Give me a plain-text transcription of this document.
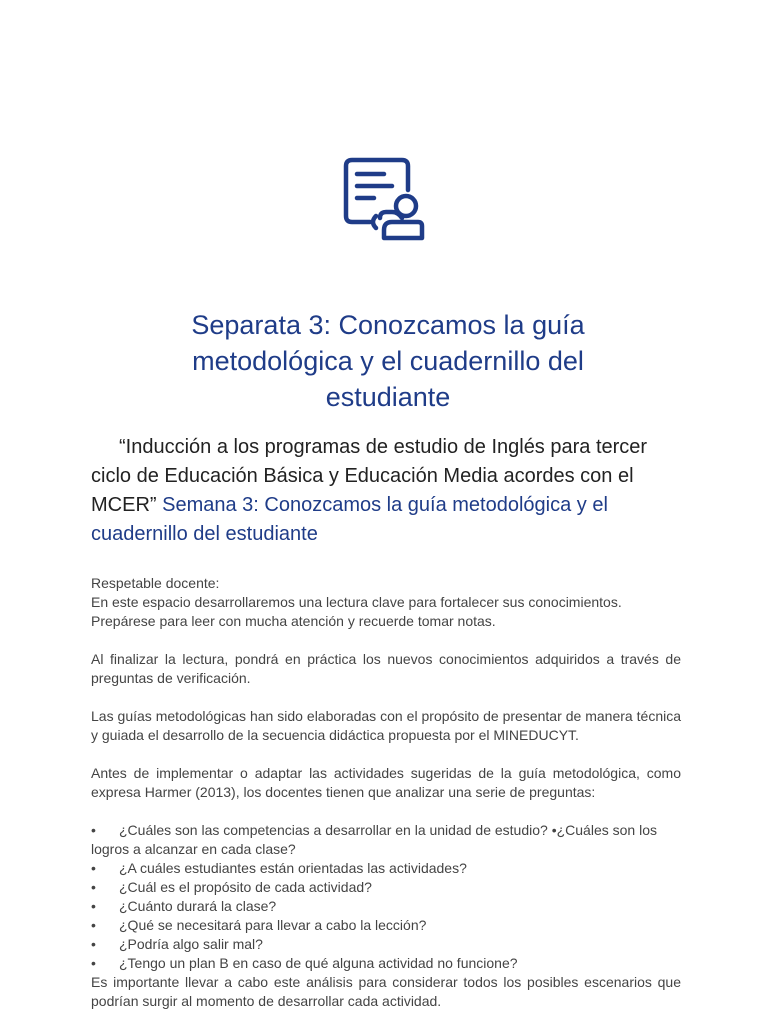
Separata 3: Conozcamos la guía
metodológica y el cuadernillo del
estudiante

“Inducción a los programas de estudio de Inglés para tercer ciclo de Educación Básica y Educación Media acordes con el MCER” Semana 3: Conozcamos la guía metodológica y el cuadernillo del estudiante

Respetable docente:
En este espacio desarrollaremos una lectura clave para fortalecer sus conocimientos.
Prepárese para leer con mucha atención y recuerde tomar notas.

Al finalizar la lectura, pondrá en práctica los nuevos conocimientos adquiridos a través de preguntas de verificación.

Las guías metodológicas han sido elaboradas con el propósito de presentar de manera técnica y guiada el desarrollo de la secuencia didáctica propuesta por el MINEDUCYT.

Antes de implementar o adaptar las actividades sugeridas de la guía metodológica, como expresa Harmer (2013), los docentes tienen que analizar una serie de preguntas:

• ¿Cuáles son las competencias a desarrollar en la unidad de estudio? •¿Cuáles son los logros a alcanzar en cada clase?
• ¿A cuáles estudiantes están orientadas las actividades?
• ¿Cuál es el propósito de cada actividad?
• ¿Cuánto durará la clase?
• ¿Qué se necesitará para llevar a cabo la lección?
• ¿Podría algo salir mal?
• ¿Tengo un plan B en caso de qué alguna actividad no funcione?

Es importante llevar a cabo este análisis para considerar todos los posibles escenarios que podrían surgir al momento de desarrollar cada actividad.
